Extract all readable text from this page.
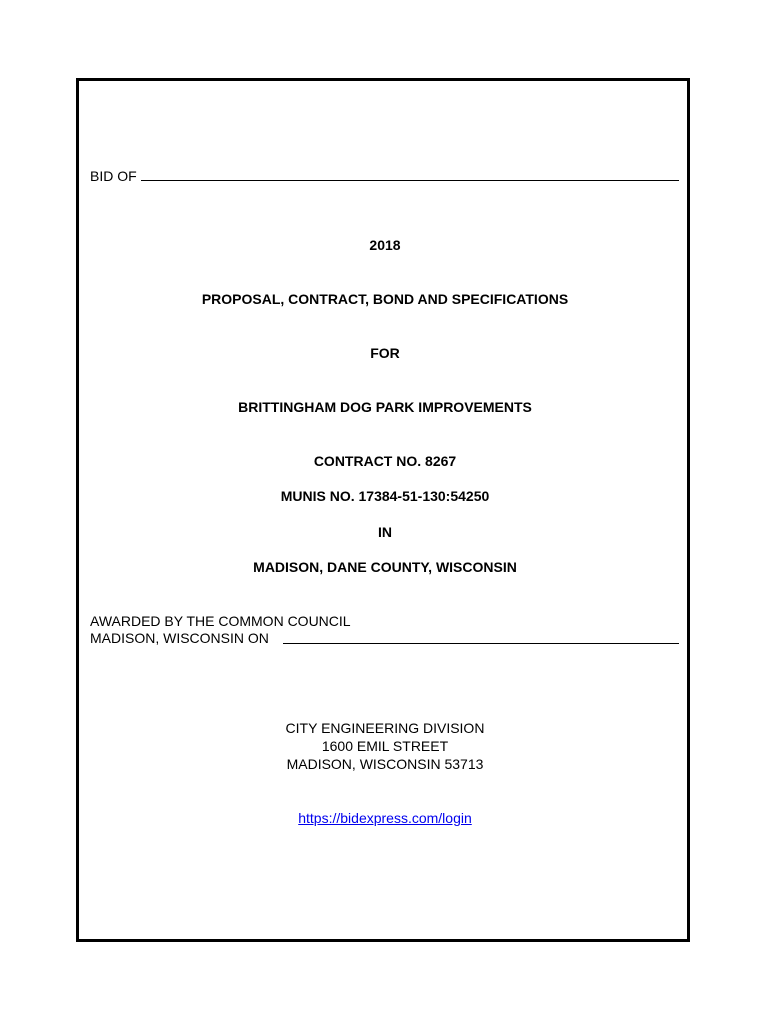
BID OF
2018
PROPOSAL, CONTRACT, BOND AND SPECIFICATIONS
FOR
BRITTINGHAM DOG PARK IMPROVEMENTS
CONTRACT NO. 8267
MUNIS NO. 17384-51-130:54250
IN
MADISON, DANE COUNTY, WISCONSIN
AWARDED BY THE COMMON COUNCIL
MADISON, WISCONSIN ON
CITY ENGINEERING DIVISION
1600 EMIL STREET
MADISON, WISCONSIN 53713
https://bidexpress.com/login
